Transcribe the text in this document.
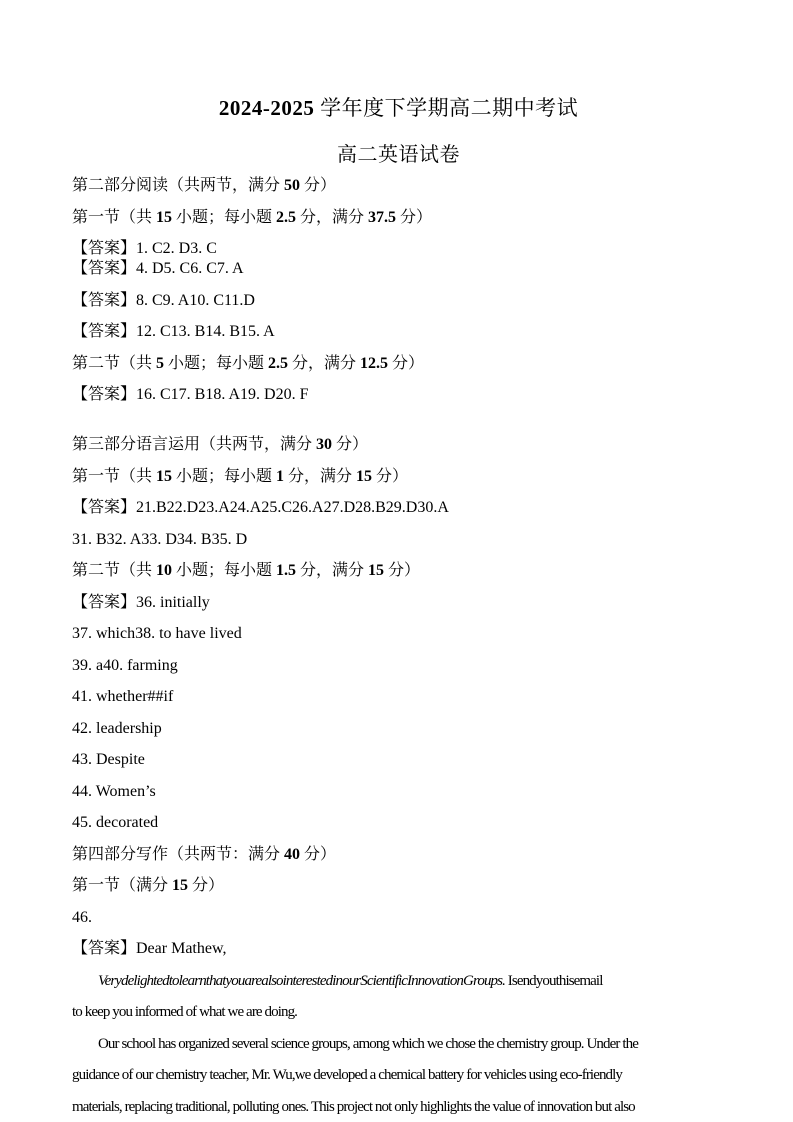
2024-2025 学年度下学期高二期中考试
高二英语试卷
第二部分阅读（共两节，满分 50 分）
第一节（共 15 小题；每小题 2.5 分，满分 37.5 分）
【答案】1. C2. D3. C
【答案】4. D5. C6. C7. A
【答案】8. C9. A10. C11.D
【答案】12. C13. B14. B15. A
第二节（共 5 小题；每小题 2.5 分，满分 12.5 分）
【答案】16. C17. B18. A19. D20. F
第三部分语言运用（共两节，满分 30 分）
第一节（共 15 小题；每小题 1 分，满分 15 分）
【答案】21.B22.D23.A24.A25.C26.A27.D28.B29.D30.A
31. B32. A33. D34. B35. D
第二节（共 10 小题；每小题 1.5 分，满分 15 分）
【答案】36. initially
37. which38. to have lived
39. a40. farming
41. whether##if
42. leadership
43. Despite
44. Women’s
45. decorated
第四部分写作（共两节：满分 40 分）
第一节（满分 15 分）
46.
【答案】Dear Mathew,
VerydelightedtolearnthatyouarealsointerestedinourScientificInnovationGroups. Isendyouthisemail
to keep you informed of what we are doing.
Our school has organized several science groups, among which we chose the chemistry group. Under the
guidance of our chemistry teacher, Mr. Wu,we developed a chemical battery for vehicles using eco-friendly
materials, replacing traditional, polluting ones. This project not only highlights the value of innovation but also
